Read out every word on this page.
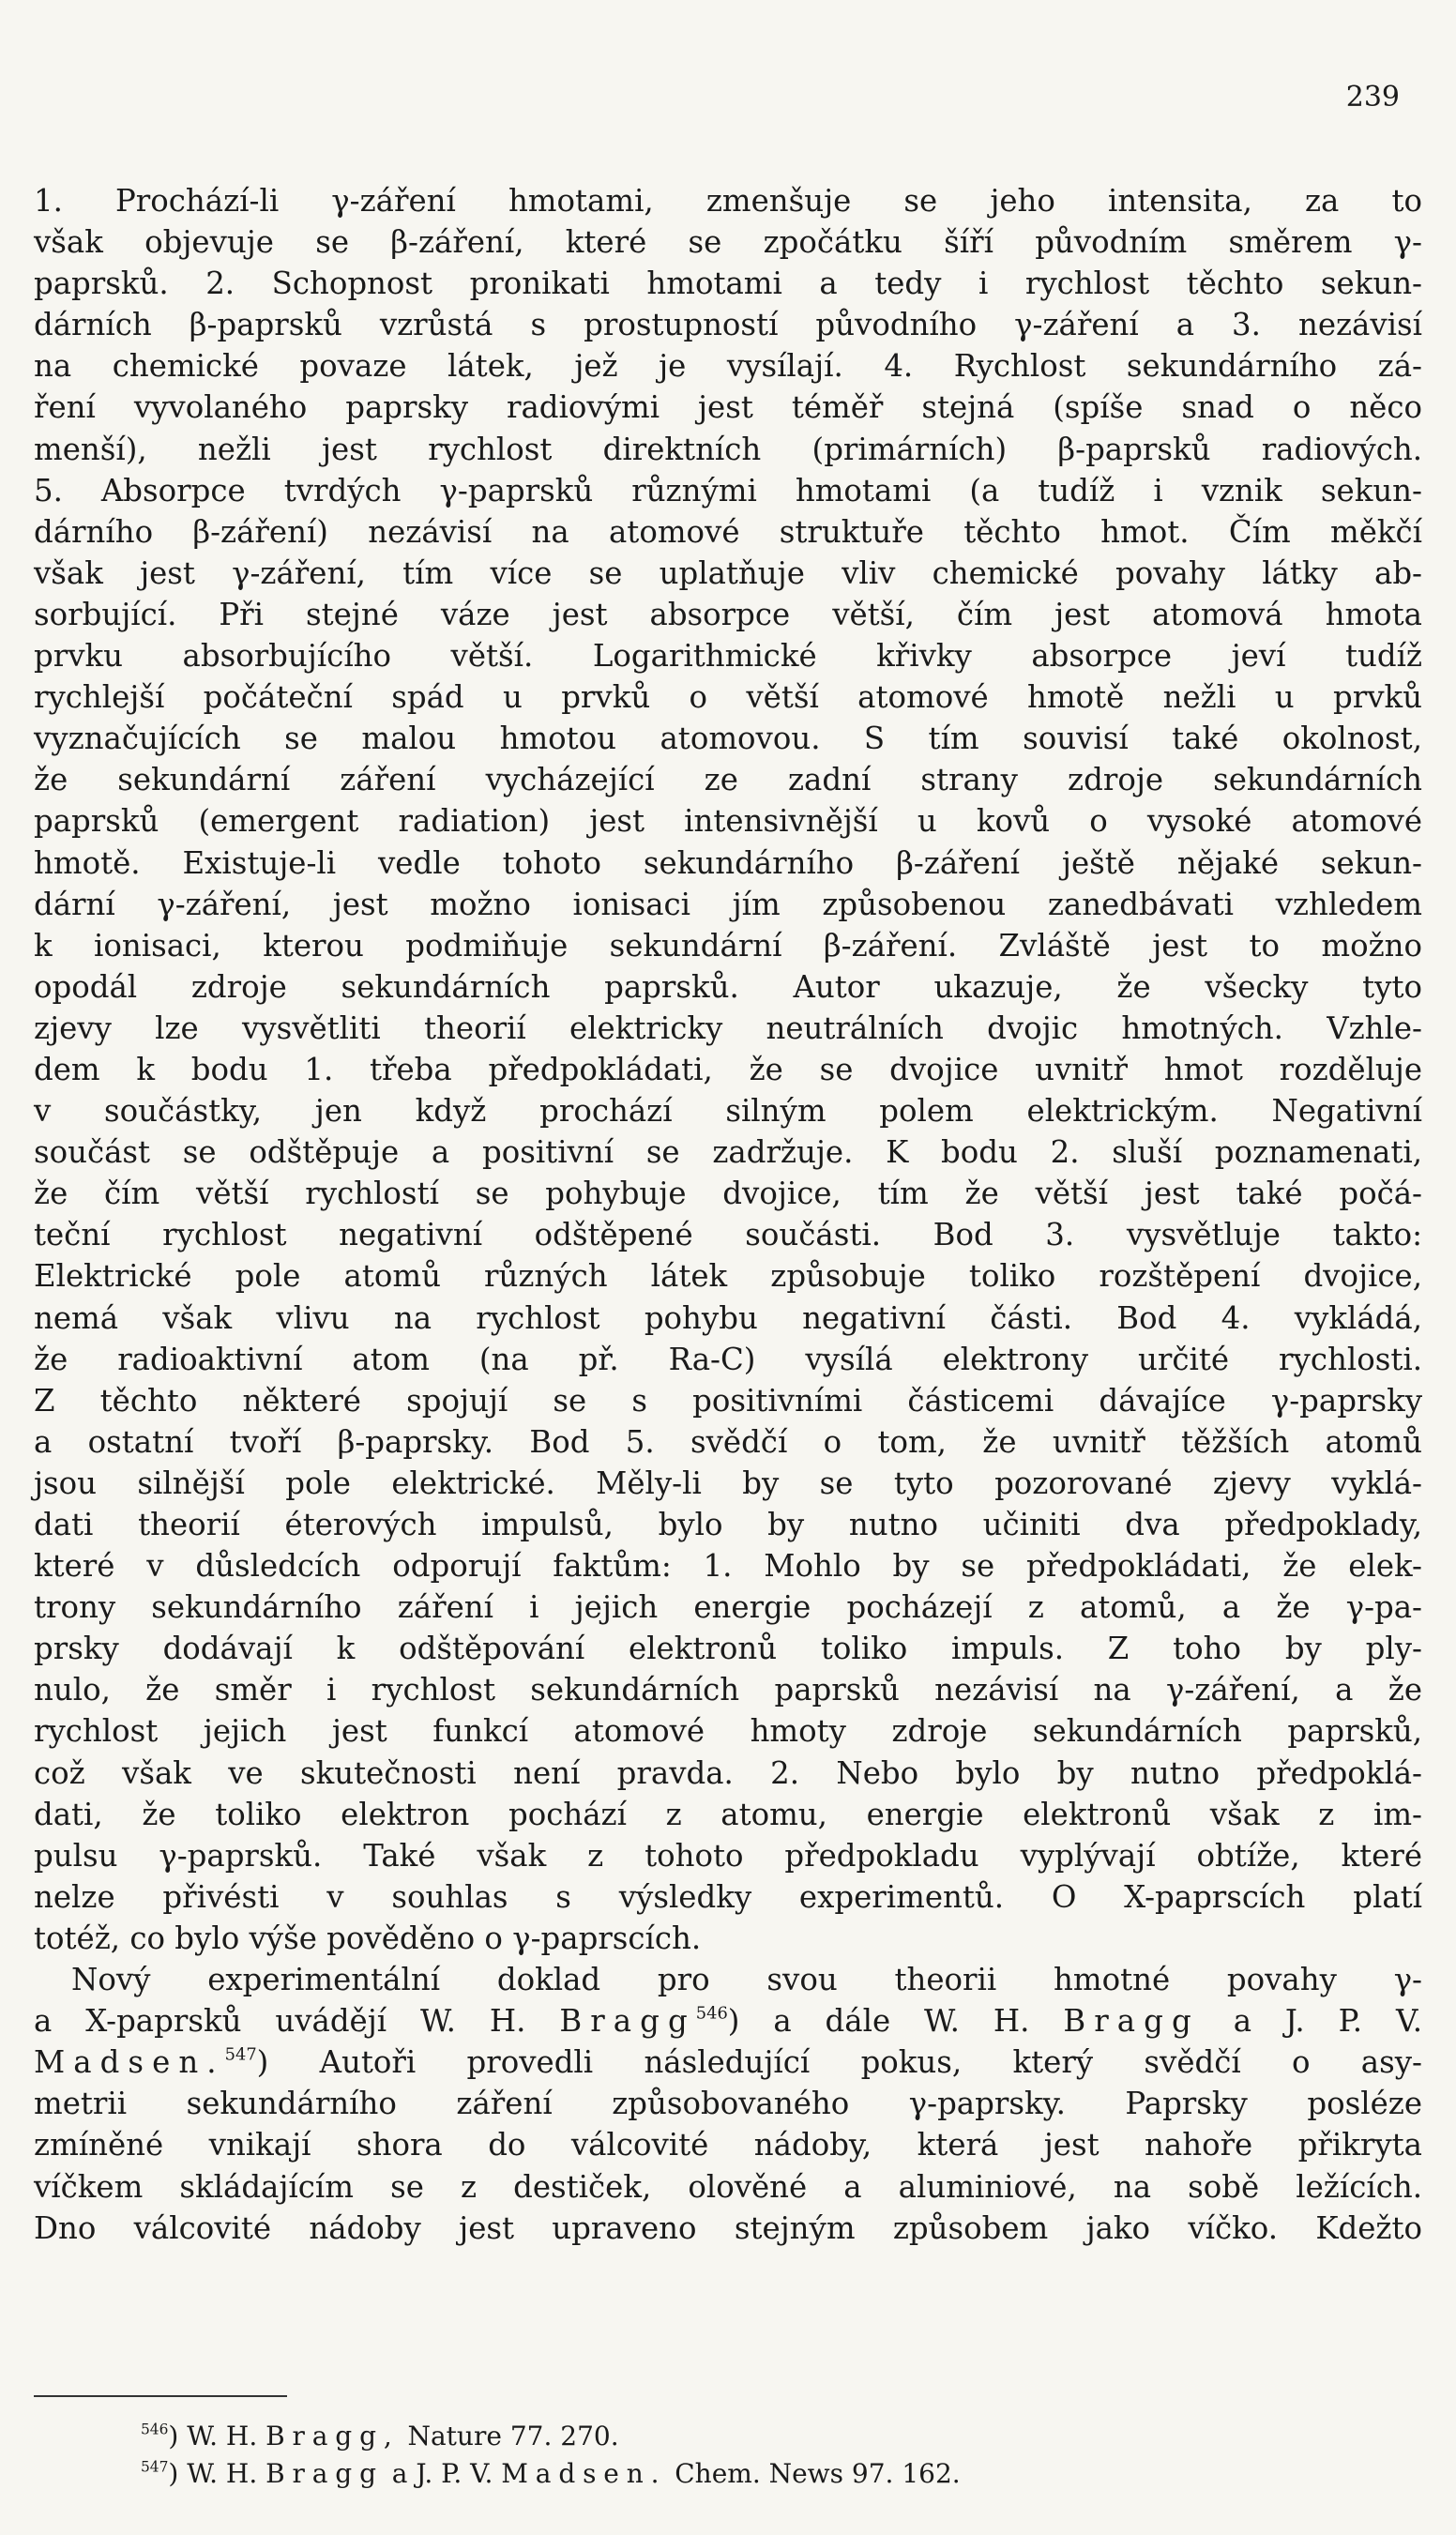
239
1. Prochází-li γ-záření hmotami, zmenšuje se jeho intensita, za to
však objevuje se β-záření, které se zpočátku šíří původním směrem γ-
paprsků. 2. Schopnost pronikati hmotami a tedy i rychlost těchto sekun-
dárních β-paprsků vzrůstá s prostupností původního γ-záření a 3. nezávisí
na chemické povaze látek, jež je vysílají. 4. Rychlost sekundárního zá-
ření vyvolaného paprsky radiovými jest téměř stejná (spíše snad o něco
menší), nežli jest rychlost direktních (primárních) β-paprsků radiových.
5. Absorpce tvrdých γ-paprsků různými hmotami (a tudíž i vznik sekun-
dárního β-záření) nezávisí na atomové struktuře těchto hmot. Čím měkčí
však jest γ-záření, tím více se uplatňuje vliv chemické povahy látky ab-
sorbující. Při stejné váze jest absorpce větší, čím jest atomová hmota
prvku absorbujícího větší. Logarithmické křivky absorpce jeví tudíž
rychlejší počáteční spád u prvků o větší atomové hmotě nežli u prvků
vyznačujících se malou hmotou atomovou. S tím souvisí také okolnost,
že sekundární záření vycházející ze zadní strany zdroje sekundárních
paprsků (emergent radiation) jest intensivnější u kovů o vysoké atomové
hmotě. Existuje-li vedle tohoto sekundárního β-záření ještě nějaké sekun-
dární γ-záření, jest možno ionisaci jím způsobenou zanedbávati vzhledem
k ionisaci, kterou podmiňuje sekundární β-záření. Zvláště jest to možno
opodál zdroje sekundárních paprsků. Autor ukazuje, že všecky tyto
zjevy lze vysvětliti theorií elektricky neutrálních dvojic hmotných. Vzhle-
dem k bodu 1. třeba předpokládati, že se dvojice uvnitř hmot rozděluje
v součástky, jen když prochází silným polem elektrickým. Negativní
součást se odštěpuje a positivní se zadržuje. K bodu 2. sluší poznamenati,
že čím větší rychlostí se pohybuje dvojice, tím že větší jest také počá-
teční rychlost negativní odštěpené součásti. Bod 3. vysvětluje takto:
Elektrické pole atomů různých látek způsobuje toliko rozštěpení dvojice,
nemá však vlivu na rychlost pohybu negativní části. Bod 4. vykládá,
že radioaktivní atom (na př. Ra-C) vysílá elektrony určité rychlosti.
Z těchto některé spojují se s positivními částicemi dávajíce γ-paprsky
a ostatní tvoří β-paprsky. Bod 5. svědčí o tom, že uvnitř těžších atomů
jsou silnější pole elektrické. Měly-li by se tyto pozorované zjevy vyklá-
dati theorií éterových impulsů, bylo by nutno učiniti dva předpoklady,
které v důsledcích odporují faktům: 1. Mohlo by se předpokládati, že elek-
trony sekundárního záření i jejich energie pocházejí z atomů, a že γ-pa-
prsky dodávají k odštěpování elektronů toliko impuls. Z toho by ply-
nulo, že směr i rychlost sekundárních paprsků nezávisí na γ-záření, a že
rychlost jejich jest funkcí atomové hmoty zdroje sekundárních paprsků,
což však ve skutečnosti není pravda. 2. Nebo bylo by nutno předpoklá-
dati, že toliko elektron pochází z atomu, energie elektronů však z im-
pulsu γ-paprsků. Také však z tohoto předpokladu vyplývají obtíže, které
nelze přivésti v souhlas s výsledky experimentů. O X-paprscích platí
totéž, co bylo výše pověděno o γ-paprscích.
Nový experimentální doklad pro svou theorii hmotné povahy γ-
a X-paprsků uvádějí W. H. Bragg$^{546}$) a dále W. H. Bragg a J. P. V.
Madsen.$^{547}$) Autoři provedli následující pokus, který svědčí o asy-
metrii sekundárního záření způsobovaného γ-paprsky. Paprsky posléze
zmíněné vnikají shora do válcovité nádoby, která jest nahoře přikryta
víčkem skládajícím se z destiček, olověné a aluminiové, na sobě ležících.
Dno válcovité nádoby jest upraveno stejným způsobem jako víčko. Kdežto
$^{546}$) W. H. Bragg, Nature 77. 270.
$^{547}$) W. H. Bragg a J. P. V. Madsen. Chem. News 97. 162.
